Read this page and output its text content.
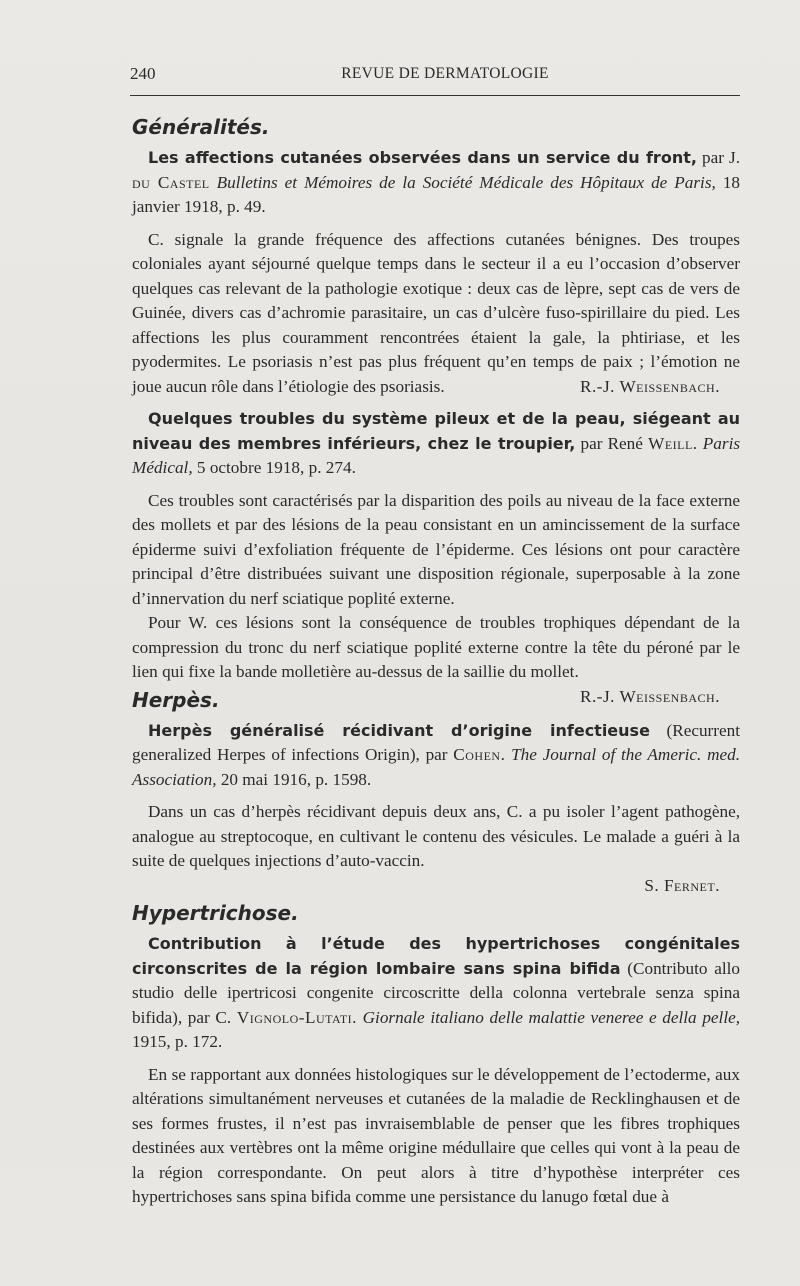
240	REVUE DE DERMATOLOGIE
Généralités.

Les affections cutanées observées dans un service du front, par J. du Castel Bulletins et Mémoires de la Société Médicale des Hôpitaux de Paris, 18 janvier 1918, p. 49.

C. signale la grande fréquence des affections cutanées bénignes. Des troupes coloniales ayant séjourné quelque temps dans le secteur il a eu l’occasion d’observer quelques cas relevant de la pathologie exotique : deux cas de lèpre, sept cas de vers de Guinée, divers cas d’achromie parasitaire, un cas d’ulcère fuso-spirillaire du pied. Les affections les plus couramment rencontrées étaient la gale, la phtiriase, et les pyodermites. Le psoriasis n’est pas plus fréquent qu’en temps de paix ; l’émotion ne joue aucun rôle dans l’étiologie des psoriasis.	R.-J. Weissenbach.

Quelques troubles du système pileux et de la peau, siégeant au niveau des membres inférieurs, chez le troupier, par René Weill. Paris Médical, 5 octobre 1918, p. 274.

Ces troubles sont caractérisés par la disparition des poils au niveau de la face externe des mollets et par des lésions de la peau consistant en un amincissement de la surface épiderme suivi d’exfoliation fréquente de l’épiderme. Ces lésions ont pour caractère principal d’être distribuées suivant une disposition régionale, superposable à la zone d’innervation du nerf sciatique poplité externe.

Pour W. ces lésions sont la conséquence de troubles trophiques dépendant de la compression du tronc du nerf sciatique poplité externe contre la tête du péroné par le lien qui fixe la bande molletière au-dessus de la saillie du mollet.
R.-J. Weissenbach.

Herpès.

Herpès généralisé récidivant d’origine infectieuse (Recurrent generalized Herpes of infections Origin), par Cohen. The Journal of the Americ. med. Association, 20 mai 1916, p. 1598.

Dans un cas d’herpès récidivant depuis deux ans, C. a pu isoler l’agent pathogène, analogue au streptocoque, en cultivant le contenu des vésicules. Le malade a guéri à la suite de quelques injections d’auto-vaccin.

S. Fernet.

Hypertrichose.

Contribution à l’étude des hypertrichoses congénitales circonscrites de la région lombaire sans spina bifida (Contributo allo studio delle ipertricosi congenite circoscritte della colonna vertebrale senza spina bifida), par C. Vignolo-Lutati. Giornale italiano delle malattie veneree e della pelle, 1915, p. 172.

En se rapportant aux données histologiques sur le développement de l’ectoderme, aux altérations simultanément nerveuses et cutanées de la maladie de Recklinghausen et de ses formes frustes, il n’est pas invraisemblable de penser que les fibres trophiques destinées aux vertèbres ont la même origine médullaire que celles qui vont à la peau de la région correspondante. On peut alors à titre d’hypothèse interpréter ces hypertrichoses sans spina bifida comme une persistance du lanugo fœtal due à
